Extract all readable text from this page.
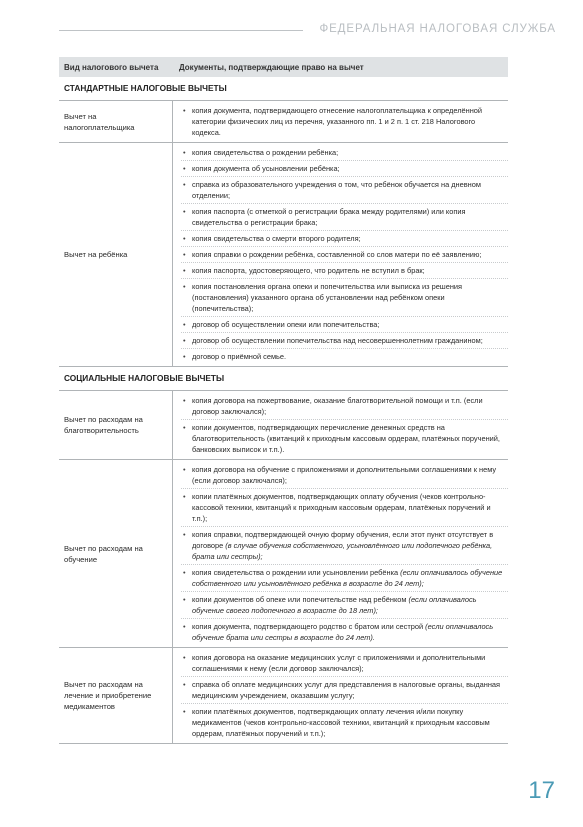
ФЕДЕРАЛЬНАЯ НАЛОГОВАЯ СЛУЖБА
Вид налогового вычета	Документы, подтверждающие право на вычет
СТАНДАРТНЫЕ НАЛОГОВЫЕ ВЫЧЕТЫ
Вычет на налогоплательщика
• копия документа, подтверждающего отнесение налогоплательщика к определённой категории физических лиц из перечня, указанного пп. 1 и 2 п. 1 ст. 218 Налогового кодекса.
Вычет на ребёнка
• копия свидетельства о рождении ребёнка;
• копия документа об усыновлении ребёнка;
• справка из образовательного учреждения о том, что ребёнок обучается на дневном отделении;
• копия паспорта (с отметкой о регистрации брака между родителями) или копия свидетельства о регистрации брака;
• копия свидетельства о смерти второго родителя;
• копия справки о рождении ребёнка, составленной со слов матери по её заявлению;
• копия паспорта, удостоверяющего, что родитель не вступил в брак;
• копия постановления органа опеки и попечительства или выписка из решения (постановления) указанного органа об установлении над ребёнком опеки (попечительства);
• договор об осуществлении опеки или попечительства;
• договор об осуществлении попечительства над несовершеннолетним гражданином;
• договор о приёмной семье.
СОЦИАЛЬНЫЕ НАЛОГОВЫЕ ВЫЧЕТЫ
Вычет по расходам на благотворительность
• копия договора на пожертвование, оказание благотворительной помощи и т.п. (если договор заключался);
• копии документов, подтверждающих перечисление денежных средств на благотворительность (квитанций к приходным кассовым ордерам, платёжных поручений, банковских выписок и т.п.).
Вычет по расходам на обучение
• копия договора на обучение с приложениями и дополнительными соглашениями к нему (если договор заключался);
• копии платёжных документов, подтверждающих оплату обучения (чеков контрольно-кассовой техники, квитанций к приходным кассовым ордерам, платёжных поручений и т.п.);
• копия справки, подтверждающей очную форму обучения, если этот пункт отсутствует в договоре (в случае обучения собственного, усыновлённого или подопечного ребёнка, брата или сестры);
• копия свидетельства о рождении или усыновлении ребёнка (если оплачивалось обучение собственного или усыновлённого ребёнка в возрасте до 24 лет);
• копии документов об опеке или попечительстве над ребёнком (если оплачивалось обучение своего подопечного в возрасте до 18 лет);
• копия документа, подтверждающего родство с братом или сестрой (если оплачивалось обучение брата или сестры в возрасте до 24 лет).
Вычет по расходам на лечение и приобретение медикаментов
• копия договора на оказание медицинских услуг с приложениями и дополнительными соглашениями к нему (если договор заключался);
• справка об оплате медицинских услуг для представления в налоговые органы, выданная медицинским учреждением, оказавшим услугу;
• копии платёжных документов, подтверждающих оплату лечения и/или покупку медикаментов (чеков контрольно-кассовой техники, квитанций к приходным кассовым ордерам, платёжных поручений и т.п.);
17
